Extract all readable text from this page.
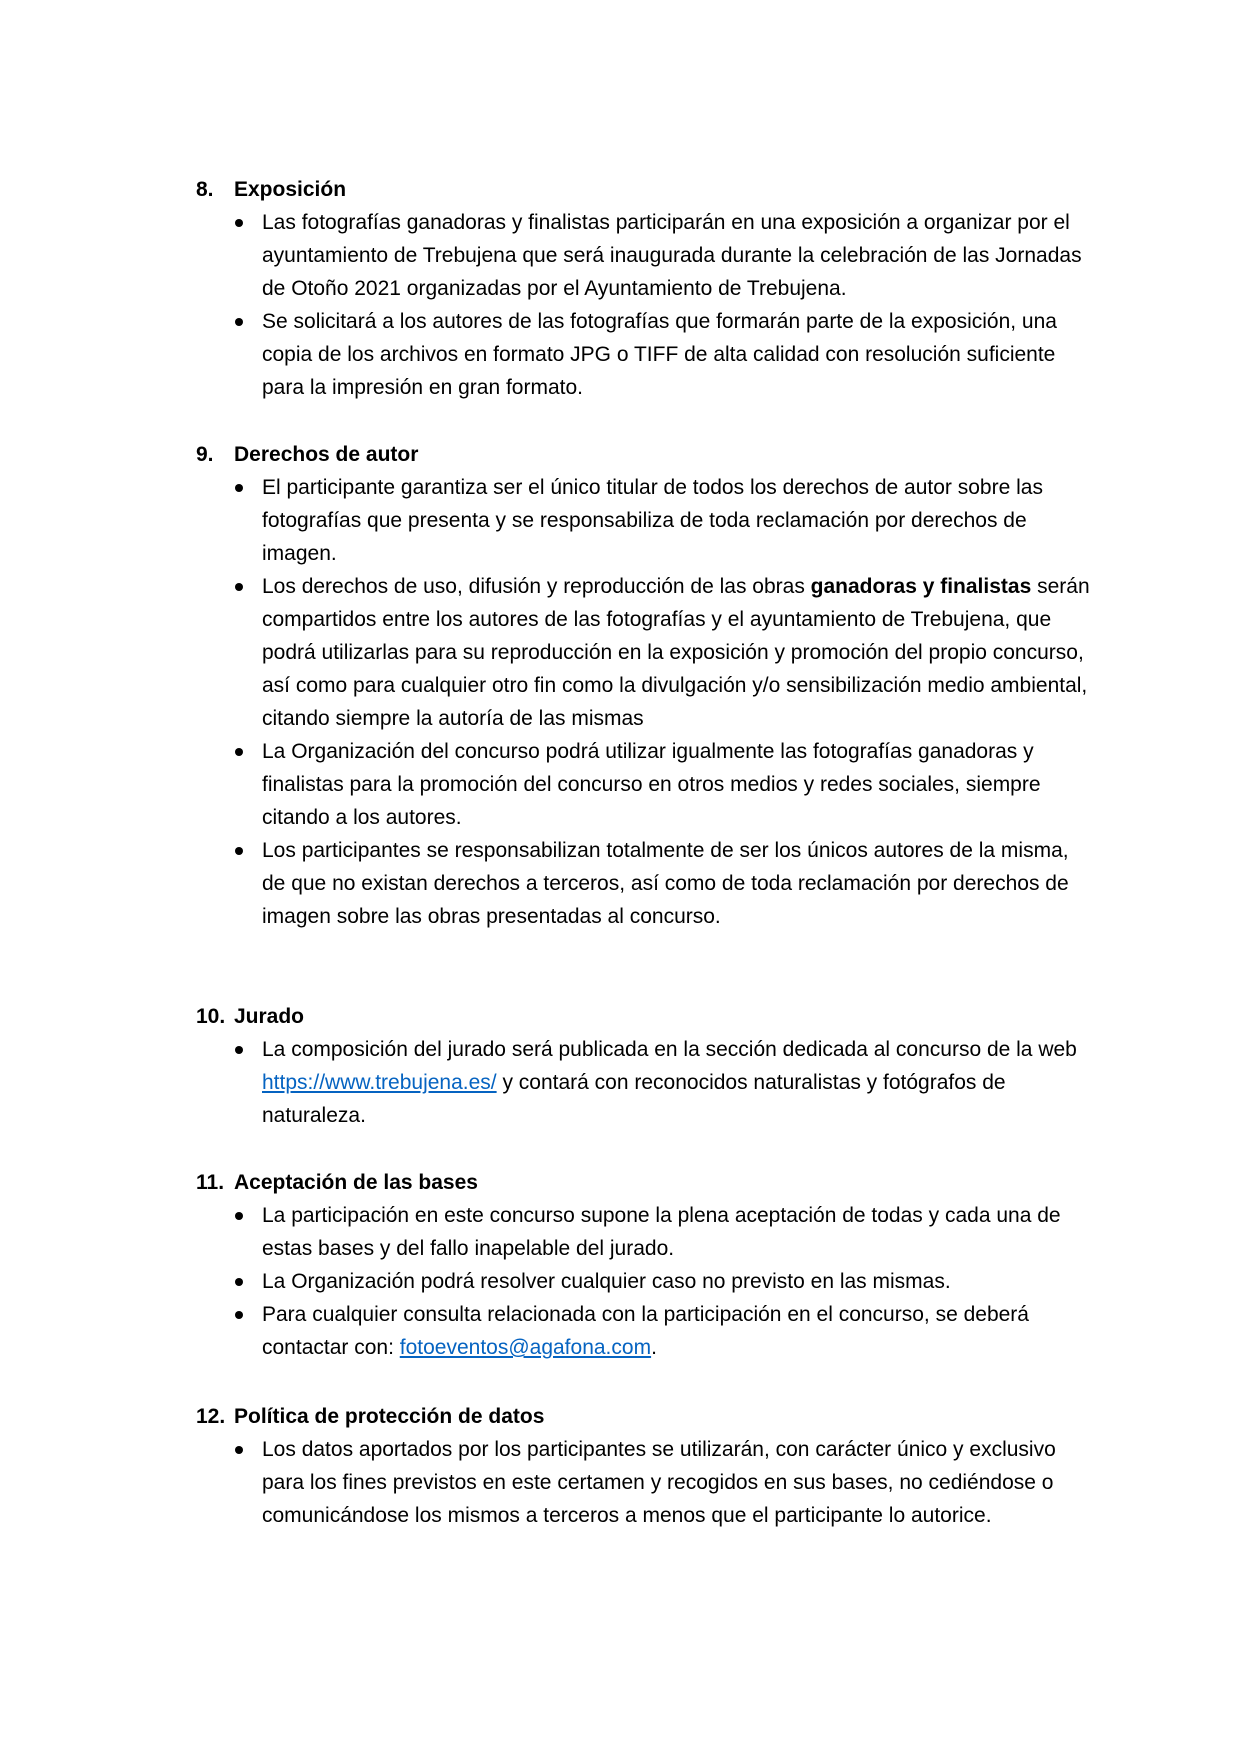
8. Exposición
Las fotografías ganadoras y finalistas participarán en una exposición a organizar por el ayuntamiento de Trebujena que será inaugurada durante la celebración de las Jornadas de Otoño 2021 organizadas por el Ayuntamiento de Trebujena.
Se solicitará a los autores de las fotografías que formarán parte de la exposición, una copia de los archivos en formato JPG o TIFF de alta calidad con resolución suficiente para la impresión en gran formato.
9. Derechos de autor
El participante garantiza ser el único titular de todos los derechos de autor sobre las fotografías que presenta y se responsabiliza de toda reclamación por derechos de imagen.
Los derechos de uso, difusión y reproducción de las obras ganadoras y finalistas serán compartidos entre los autores de las fotografías y el ayuntamiento de Trebujena, que podrá utilizarlas para su reproducción en la exposición y promoción del propio concurso, así como para cualquier otro fin como la divulgación y/o sensibilización medio ambiental, citando siempre la autoría de las mismas
La Organización del concurso podrá utilizar igualmente las fotografías ganadoras y finalistas para la promoción del concurso en otros medios y redes sociales, siempre citando a los autores.
Los participantes se responsabilizan totalmente de ser los únicos autores de la misma, de que no existan derechos a terceros, así como de toda reclamación por derechos de imagen sobre las obras presentadas al concurso.
10. Jurado
La composición del jurado será publicada en la sección dedicada al concurso de la web https://www.trebujena.es/ y contará con reconocidos naturalistas y fotógrafos de naturaleza.
11. Aceptación de las bases
La participación en este concurso supone la plena aceptación de todas y cada una de estas bases y del fallo inapelable del jurado.
La Organización podrá resolver cualquier caso no previsto en las mismas.
Para cualquier consulta relacionada con la participación en el concurso, se deberá contactar con: fotoeventos@agafona.com.
12. Política de protección de datos
Los datos aportados por los participantes se utilizarán, con carácter único y exclusivo para los fines previstos en este certamen y recogidos en sus bases, no cediéndose o comunicándose los mismos a terceros a menos que el participante lo autorice.
